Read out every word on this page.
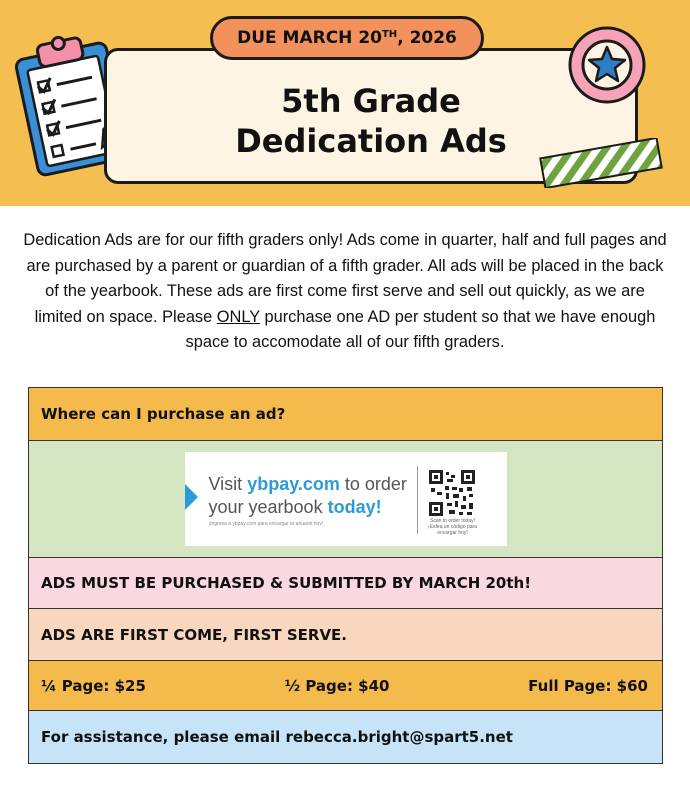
5th Grade
Dedication Ads
DUE MARCH 20TH, 2026
Dedication Ads are for our fifth graders only! Ads come in quarter, half and full pages and are purchased by a parent or guardian of a fifth grader. All ads will be placed in the back of the yearbook. These ads are first come first serve and sell out quickly, as we are limited on space. Please ONLY purchase one AD per student so that we have enough space to accomodate all of our fifth graders.
Where can I purchase an ad?
Visit ybpay.com to order
your yearbook today!
¡Ingresa a ybpay.com para encargar tu anuario hoy!	Scan to order today!
¡Esfea un código para encargar hoy!
ADS MUST BE PURCHASED & SUBMITTED BY MARCH 20th!
ADS ARE FIRST COME, FIRST SERVE.
¼ Page: $25	½ Page: $40	Full Page: $60
For assistance, please email rebecca.bright@spart5.net
